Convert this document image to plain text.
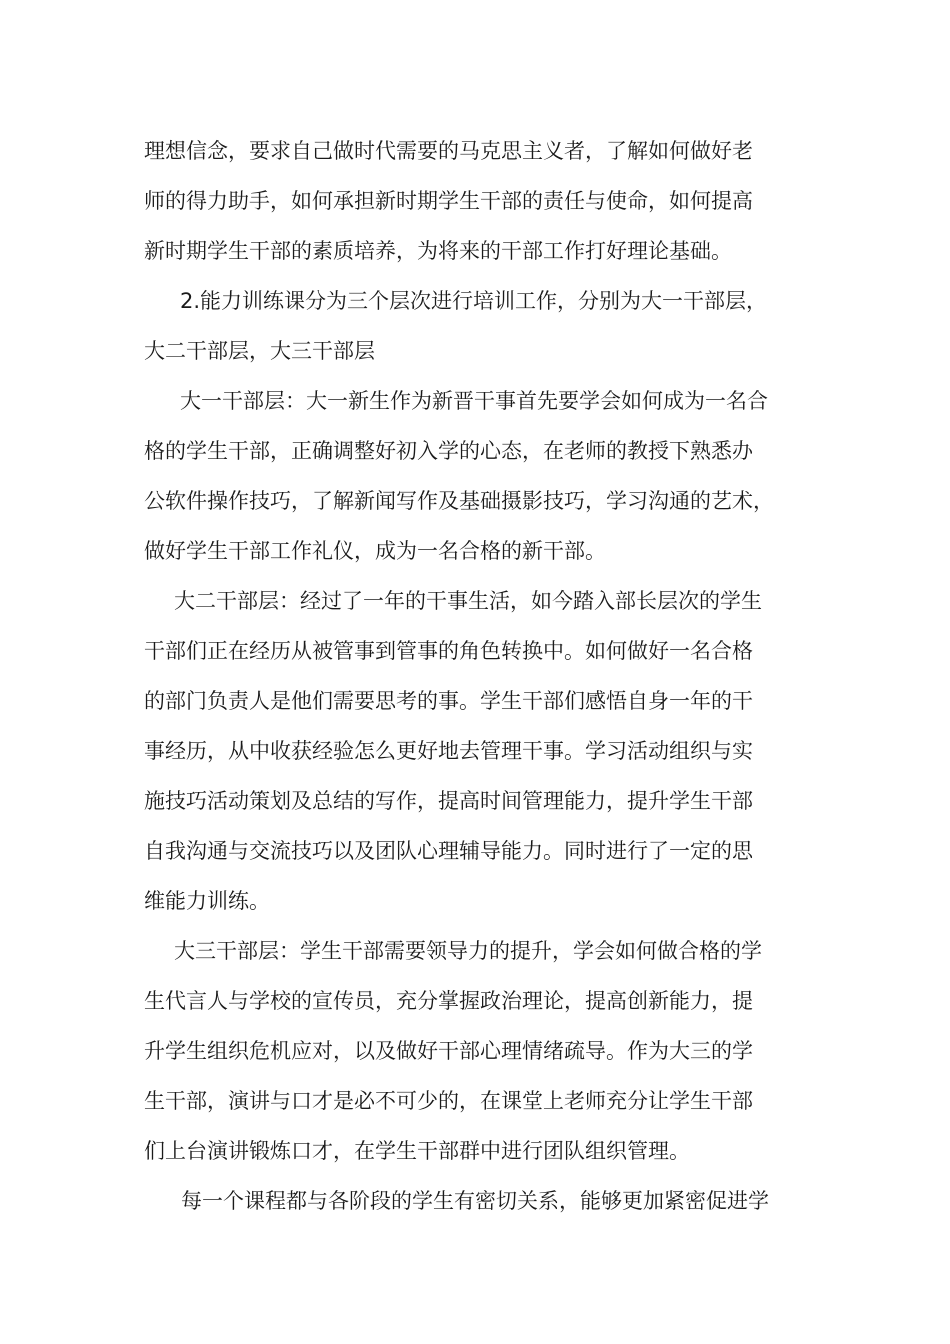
理想信念，要求自己做时代需要的马克思主义者，了解如何做好老
师的得力助手，如何承担新时期学生干部的责任与使命，如何提高
新时期学生干部的素质培养，为将来的干部工作打好理论基础。
2.能力训练课分为三个层次进行培训工作，分别为大一干部层，
大二干部层，大三干部层
大一干部层：大一新生作为新晋干事首先要学会如何成为一名合
格的学生干部，正确调整好初入学的心态，在老师的教授下熟悉办
公软件操作技巧，了解新闻写作及基础摄影技巧，学习沟通的艺术，
做好学生干部工作礼仪，成为一名合格的新干部。
大二干部层：经过了一年的干事生活，如今踏入部长层次的学生
干部们正在经历从被管事到管事的角色转换中。如何做好一名合格
的部门负责人是他们需要思考的事。学生干部们感悟自身一年的干
事经历，从中收获经验怎么更好地去管理干事。学习活动组织与实
施技巧活动策划及总结的写作，提高时间管理能力，提升学生干部
自我沟通与交流技巧以及团队心理辅导能力。同时进行了一定的思
维能力训练。
大三干部层：学生干部需要领导力的提升，学会如何做合格的学
生代言人与学校的宣传员，充分掌握政治理论，提高创新能力，提
升学生组织危机应对，以及做好干部心理情绪疏导。作为大三的学
生干部，演讲与口才是必不可少的，在课堂上老师充分让学生干部
们上台演讲锻炼口才，在学生干部群中进行团队组织管理。
每一个课程都与各阶段的学生有密切关系，能够更加紧密促进学
